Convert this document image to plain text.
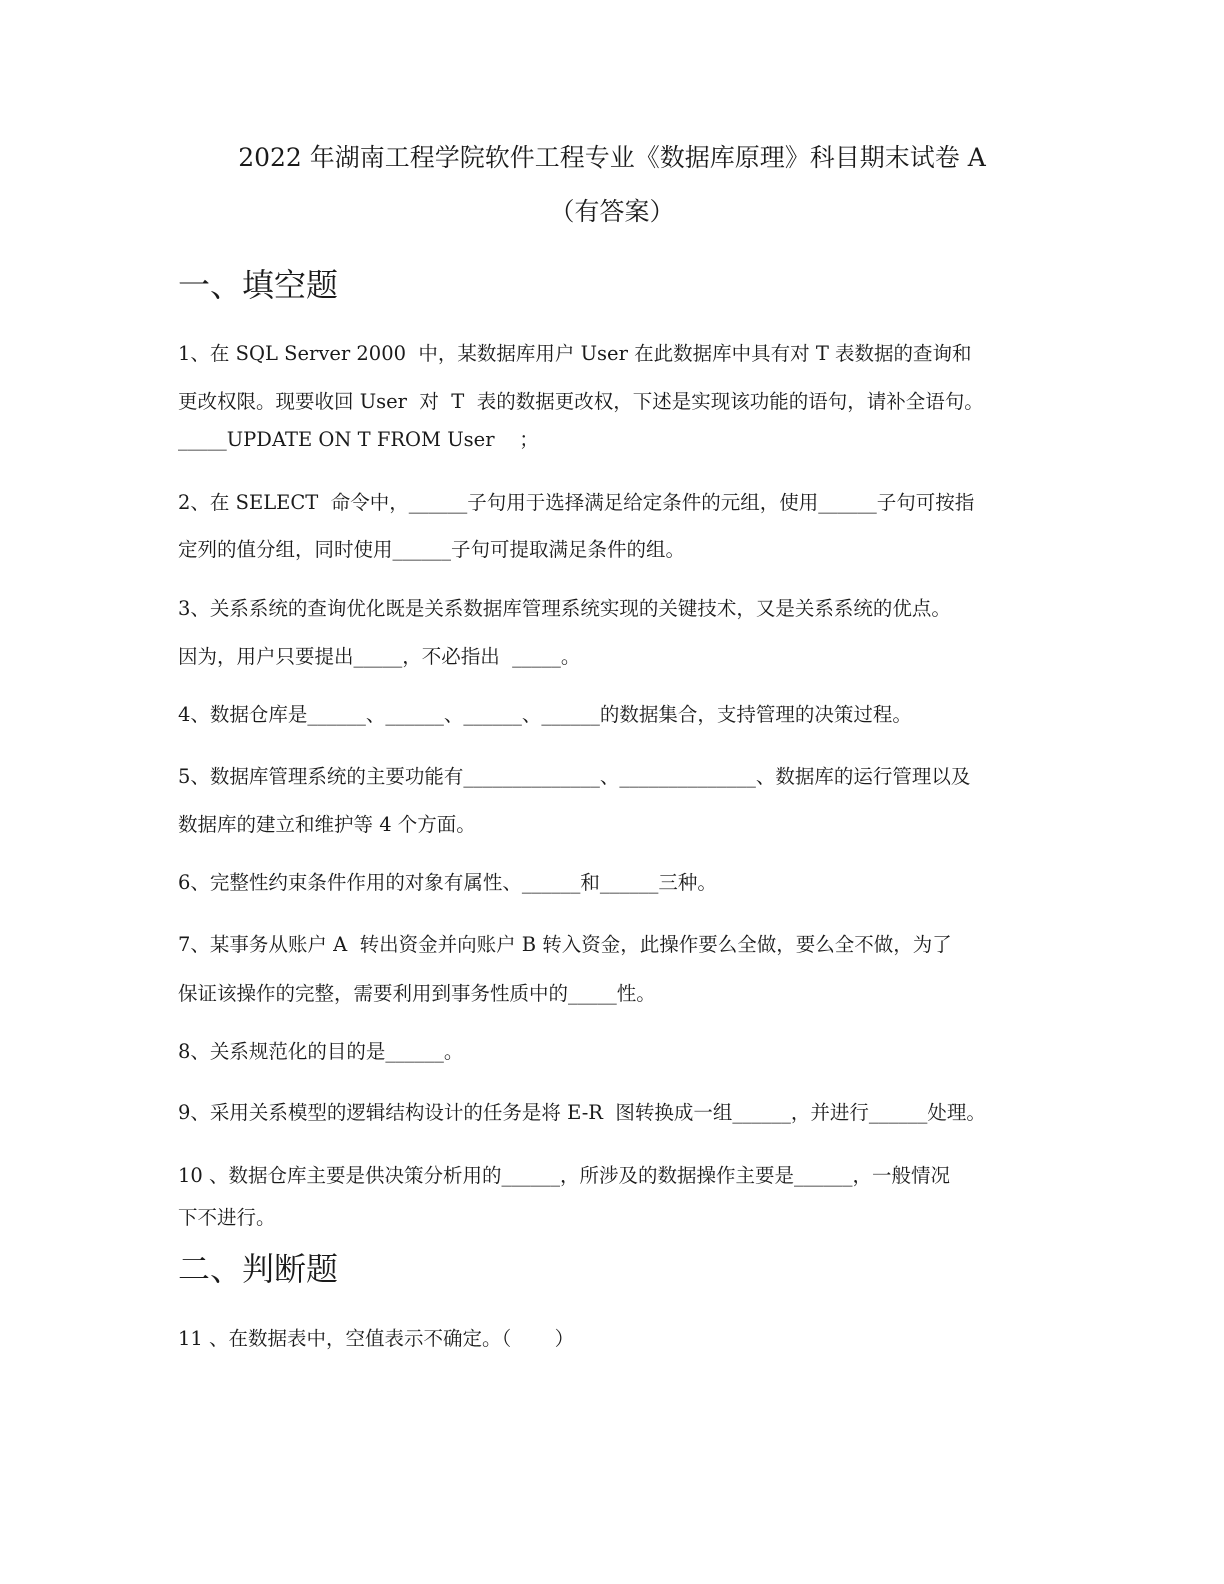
2022 年湖南工程学院软件工程专业《数据库原理》科目期末试卷 A
（有答案）
一、填空题
1、在 SQL Server 2000  中，某数据库用户 User 在此数据库中具有对 T 表数据的查询和
更改权限。现要收回 User  对  T  表的数据更改权，下述是实现该功能的语句，请补全语句。
_____UPDATE ON T FROM User    ；
2、在 SELECT  命令中，______子句用于选择满足给定条件的元组，使用______子句可按指
定列的值分组，同时使用______子句可提取满足条件的组。
3、关系系统的查询优化既是关系数据库管理系统实现的关键技术，又是关系系统的优点。
因为，用户只要提出_____，不必指出  _____。
4、数据仓库是______、______、______、______的数据集合，支持管理的决策过程。
5、数据库管理系统的主要功能有______________、______________、数据库的运行管理以及
数据库的建立和维护等 4 个方面。
6、完整性约束条件作用的对象有属性、______和______三种。
7、某事务从账户 A  转出资金并向账户 B 转入资金，此操作要么全做，要么全不做，为了
保证该操作的完整，需要利用到事务性质中的_____性。
8、关系规范化的目的是______。
9、采用关系模型的逻辑结构设计的任务是将 E-R  图转换成一组______，并进行______处理。
10 、数据仓库主要是供决策分析用的______，所涉及的数据操作主要是______，一般情况
下不进行。
二、判断题
11 、在数据表中，空值表示不确定。（       ）
